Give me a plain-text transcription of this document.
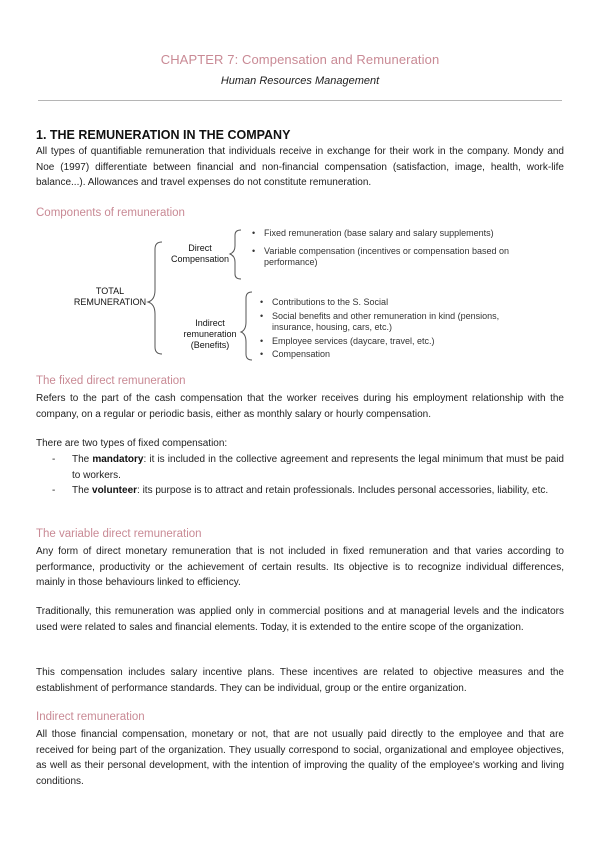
CHAPTER 7: Compensation and Remuneration
Human Resources Management
1. THE REMUNERATION IN THE COMPANY

All types of quantifiable remuneration that individuals receive in exchange for their work in the company. Mondy and Noe (1997) differentiate between financial and non-financial compensation (satisfaction, image, health, work-life balance...). Allowances and travel expenses do not constitute remuneration.

Components of remuneration
TOTAL
REMUNERATION
Direct
Compensation
Indirect
remuneration
(Benefits)
• Fixed remuneration (base salary and salary supplements)
• Variable compensation (incentives or compensation based on performance)
• Contributions to the S. Social
• Social benefits and other remuneration in kind (pensions, insurance, housing, cars, etc.)
• Employee services (daycare, travel, etc.)
• Compensation
The fixed direct remuneration

Refers to the part of the cash compensation that the worker receives during his employment relationship with the company, on a regular or periodic basis, either as monthly salary or hourly compensation.

There are two types of fixed compensation:

- The mandatory: it is included in the collective agreement and represents the legal minimum that must be paid to workers.
- The volunteer: its purpose is to attract and retain professionals. Includes personal accessories, liability, etc.
The variable direct remuneration

Any form of direct monetary remuneration that is not included in fixed remuneration and that varies according to performance, productivity or the achievement of certain results. Its objective is to recognize individual differences, mainly in those behaviours linked to efficiency.

Traditionally, this remuneration was applied only in commercial positions and at managerial levels and the indicators used were related to sales and financial elements. Today, it is extended to the entire scope of the organization.

This compensation includes salary incentive plans. These incentives are related to objective measures and the establishment of performance standards. They can be individual, group or the entire organization.

Indirect remuneration

All those financial compensation, monetary or not, that are not usually paid directly to the employee and that are received for being part of the organization. They usually correspond to social, organizational and employee objectives, as well as their personal development, with the intention of improving the quality of the employee's working and living conditions.
